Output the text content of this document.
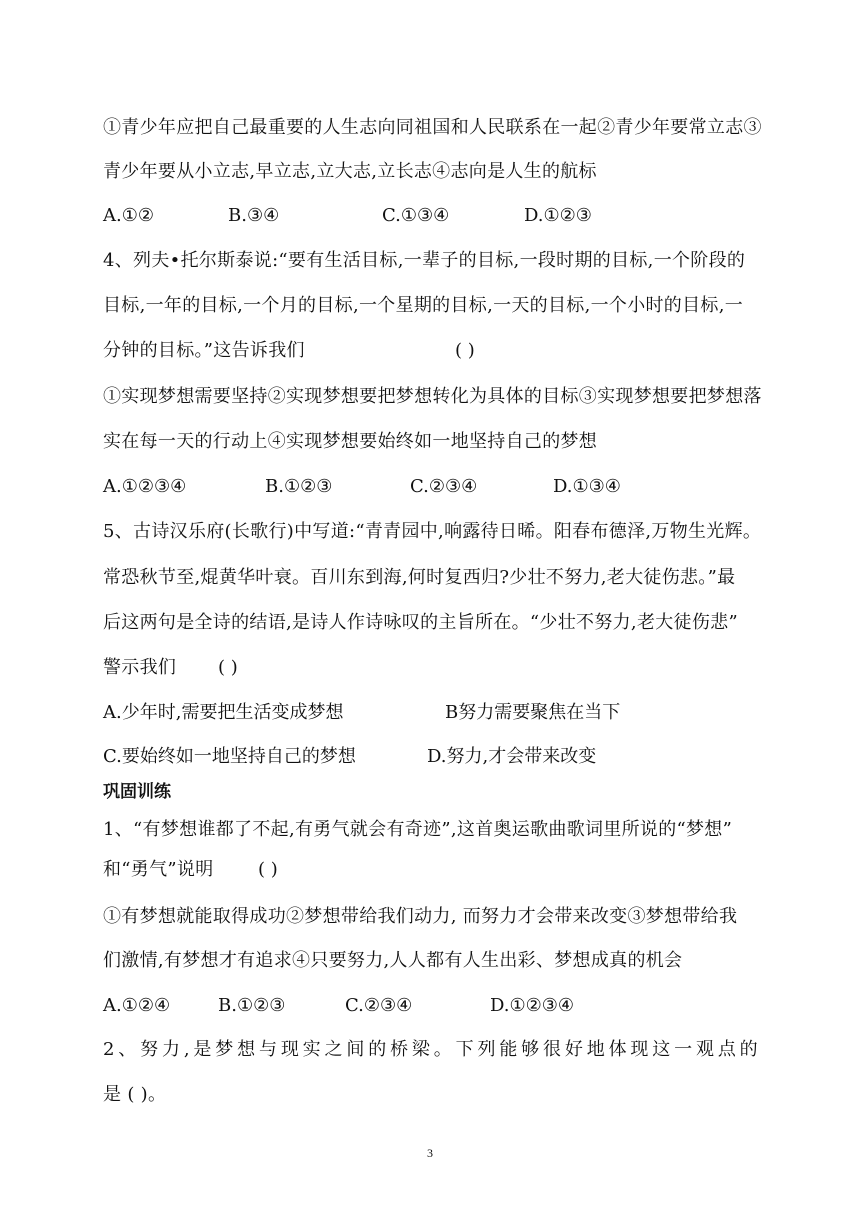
①青少年应把自己最重要的人生志向同祖国和人民联系在一起②青少年要常立志③
青少年要从小立志,早立志,立大志,立长志④志向是人生的航标
A.①②	B.③④	C.①③④	D.①②③
4、列夫•托尔斯泰说:“要有生活目标,一辈子的目标,一段时期的目标,一个阶段的
目标,一年的目标,一个月的目标,一个星期的目标,一天的目标,一个小时的目标,一
分钟的目标。”这告诉我们	( )
①实现梦想需要坚持②实现梦想要把梦想转化为具体的目标③实现梦想要把梦想落
实在每一天的行动上④实现梦想要始终如一地坚持自己的梦想
A.①②③④	B.①②③	C.②③④	D.①③④
5、古诗汉乐府(长歌行)中写道:“青青园中,响露待日晞。阳春布德泽,万物生光辉。
常恐秋节至,焜黄华叶衰。百川东到海,何时复西归?少壮不努力,老大徒伤悲。”最
后这两句是全诗的结语,是诗人作诗咏叹的主旨所在。“少壮不努力,老大徒伤悲”
警示我们 ( )
A.少年时,需要把生活变成梦想	B努力需要聚焦在当下
C.要始终如一地坚持自己的梦想	D.努力,才会带来改变
巩固训练
1、“有梦想谁都了不起,有勇气就会有奇迹”,这首奥运歌曲歌词里所说的“梦想”
和“勇气”说明 ( )
①有梦想就能取得成功②梦想带给我们动力, 而努力才会带来改变③梦想带给我
们激情,有梦想才有追求④只要努力,人人都有人生出彩、梦想成真的机会
A.①②④	B.①②③	C.②③④	D.①②③④
2、努力,是梦想与现实之间的桥梁。下列能够很好地体现这一观点的
是 ( )。
3
